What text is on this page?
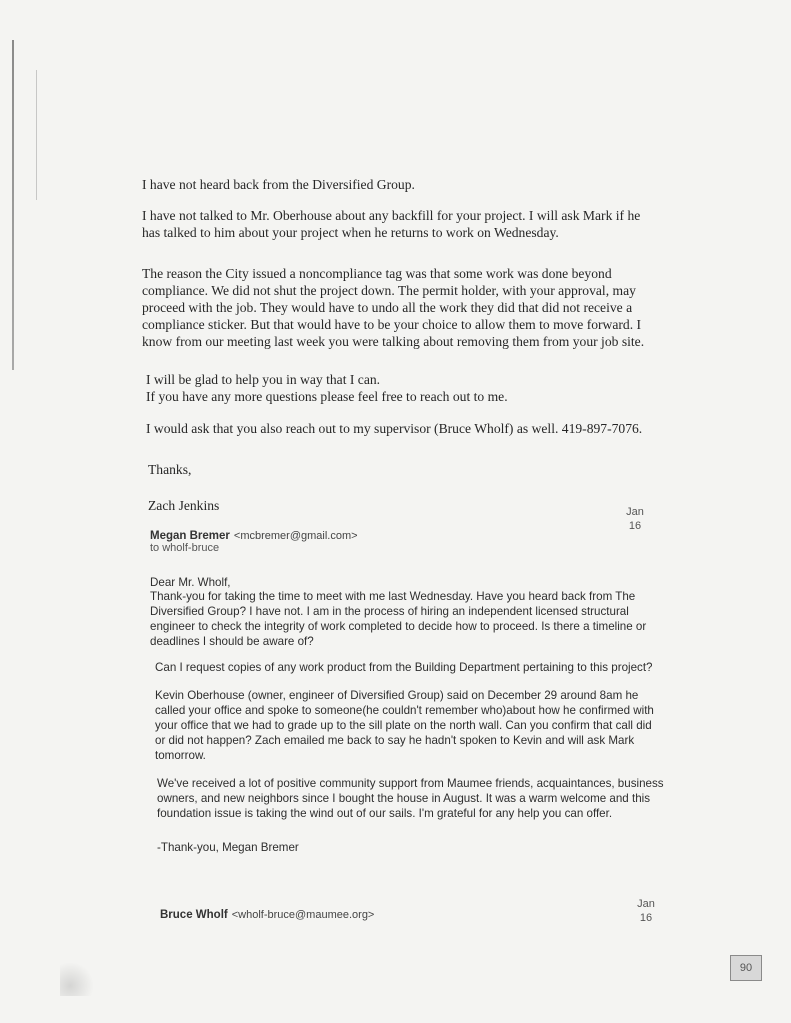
I have not heard back from the Diversified Group.

I have not talked to Mr. Oberhouse about any backfill for your project. I will ask Mark if he

has talked to him about your project when he returns to work on Wednesday.

The reason the City issued a noncompliance tag was that some work was done beyond

compliance. We did not shut the project down. The permit holder, with your approval, may

proceed with the job. They would have to undo all the work they did that did not receive a

compliance sticker. But that would have to be your choice to allow them to move forward. I

know from our meeting last week you were talking about removing them from your job site.

I will be glad to help you in way that I can.

If you have any more questions please feel free to reach out to me.

I would ask that you also reach out to my supervisor (Bruce Wholf) as well. 419-897-7076.

Thanks,

Zach Jenkins

Megan Bremer <mcbremer@gmail.com>
to wholf-bruce
Jan
16

Dear Mr. Wholf,

Thank-you for taking the time to meet with me last Wednesday. Have you heard back from The

Diversified Group? I have not. I am in the process of hiring an independent licensed structural

engineer to check the integrity of work completed to decide how to proceed. Is there a timeline or

deadlines I should be aware of?

Can I request copies of any work product from the Building Department pertaining to this project?

Kevin Oberhouse (owner, engineer of Diversified Group) said on December 29 around 8am he

called your office and spoke to someone(he couldn't remember who)about how he confirmed with

your office that we had to grade up to the sill plate on the north wall. Can you confirm that call did

or did not happen? Zach emailed me back to say he hadn't spoken to Kevin and will ask Mark

tomorrow.

We've received a lot of positive community support from Maumee friends, acquaintances, business

owners, and new neighbors since I bought the house in August. It was a warm welcome and this

foundation issue is taking the wind out of our sails. I'm grateful for any help you can offer.

-Thank-you, Megan Bremer

Bruce Wholf <wholf-bruce@maumee.org>
Jan
16
90
